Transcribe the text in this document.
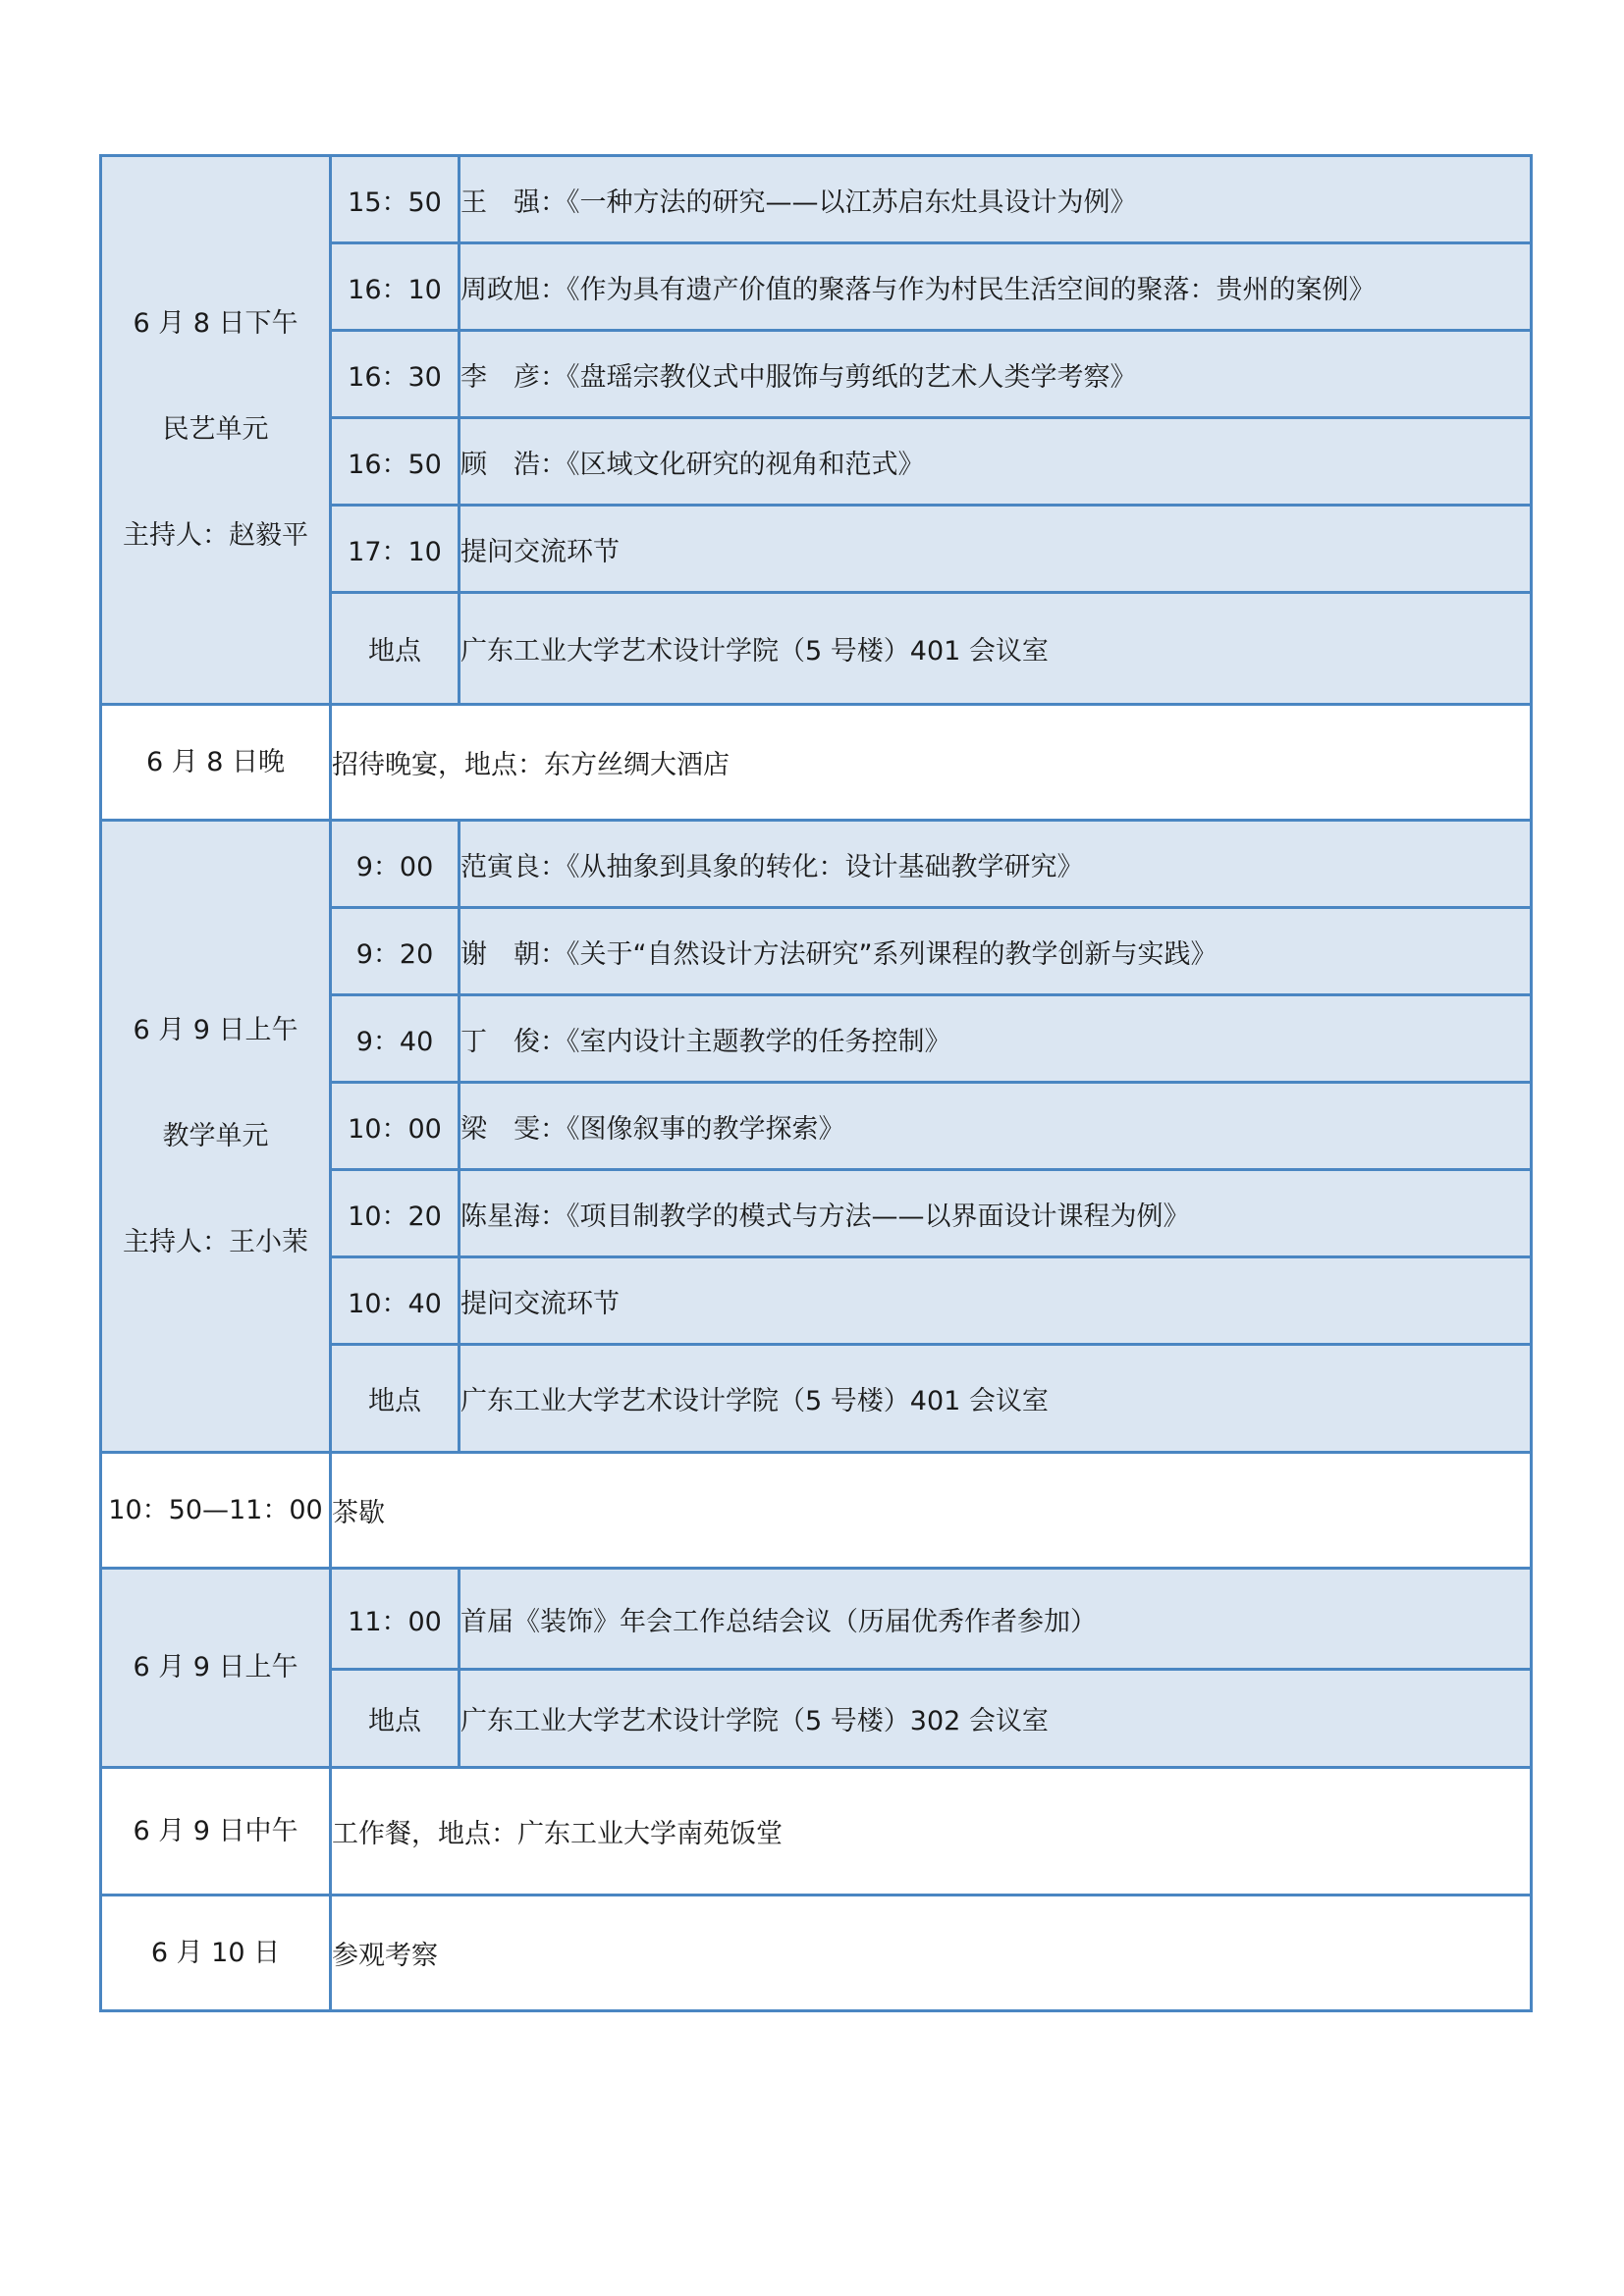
6 月 8 日下午
民艺单元
主持人：赵毅平	15：50	王　强：《一种方法的研究——以江苏启东灶具设计为例》
	16：10	周政旭：《作为具有遗产价值的聚落与作为村民生活空间的聚落：贵州的案例》
	16：30	李　彦：《盘瑶宗教仪式中服饰与剪纸的艺术人类学考察》
	16：50	顾　浩：《区域文化研究的视角和范式》
	17：10	提问交流环节
	地点	广东工业大学艺术设计学院（5 号楼）401 会议室
6 月 8 日晚	招待晚宴，地点：东方丝绸大酒店	

6 月 9 日上午
教学单元
主持人：王小茉	9：00	范寅良：《从抽象到具象的转化：设计基础教学研究》
	9：20	谢　朝：《关于“自然设计方法研究”系列课程的教学创新与实践》
	9：40	丁　俊：《室内设计主题教学的任务控制》
	10：00	梁　雯：《图像叙事的教学探索》
	10：20	陈星海：《项目制教学的模式与方法——以界面设计课程为例》
	10：40	提问交流环节
	地点	广东工业大学艺术设计学院（5 号楼）401 会议室
10：50—11：00	茶歇	
6 月 9 日上午	11：00	首届《装饰》年会工作总结会议（历届优秀作者参加）
	地点	广东工业大学艺术设计学院（5 号楼）302 会议室
6 月 9 日中午	工作餐，地点：广东工业大学南苑饭堂	
6 月 10 日	参观考察	
